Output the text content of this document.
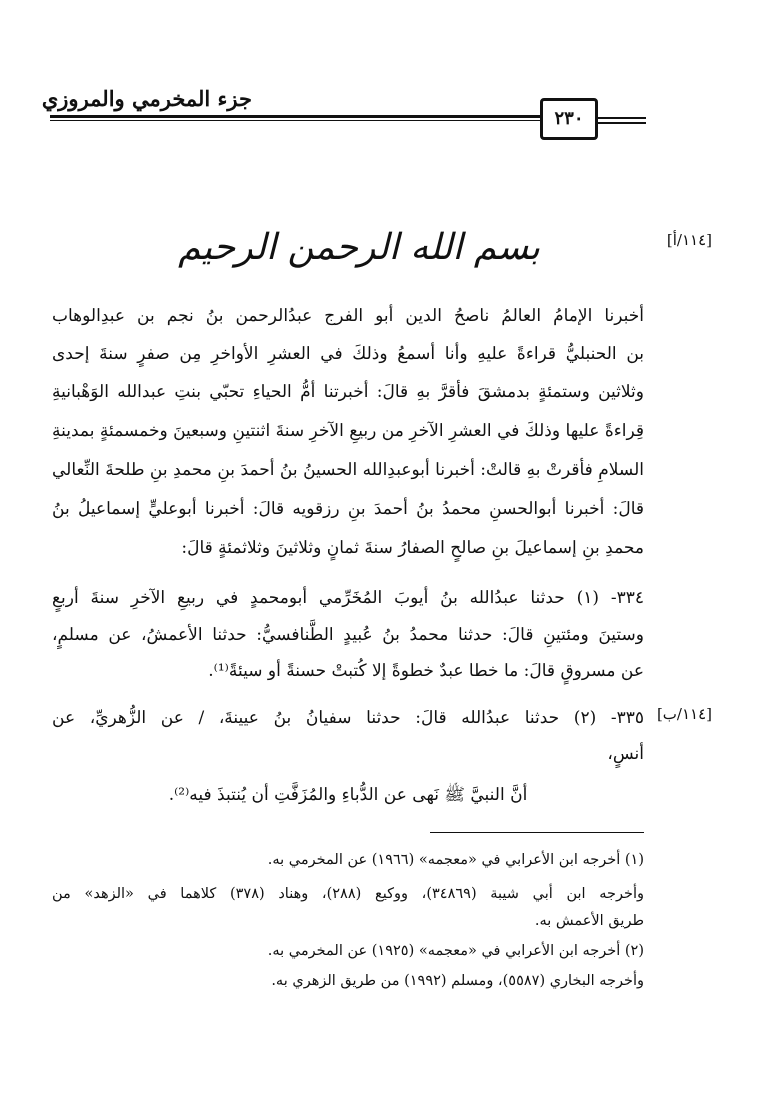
جزء المخرمي والمروزي
٢٣٠
[١١٤/أ]
[١١٤/ب]
بسم الله الرحمن الرحيم
أخبرنا الإمامُ العالمُ ناصحُ الدين أبو الفرج عبدُالرحمن بنُ نجم بن عبدِالوهاب
بن الحنبليُّ قراءةً عليهِ وأنا أسمعُ وذلكَ في العشرِ الأواخرِ مِن صفرٍ سنةَ إحدى
وثلاثين وستمئةٍ بدمشقَ فأقرَّ بهِ قالَ: أخبرتنا أمُّ الحياءِ تحبّي بنتِ عبدالله الوَهْبانيةِ
قِراءةً عليها وذلكَ في العشرِ الآخرِ من ربيعِ الآخرِ سنةَ اثنتينِ وسبعينَ وخمسمئةٍ بمدينةِ
السلامِ فأقرتْ بهِ قالتْ: أخبرنا أبوعبدِالله الحسينُ بنُ أحمدَ بنِ محمدِ بنِ طلحةَ النِّعالي
قالَ: أخبرنا أبوالحسنِ محمدُ بنُ أحمدَ بنِ رزقويه قالَ: أخبرنا أبوعليٍّ إسماعيلُ بنُ
محمدِ بنِ إسماعيلَ بنِ صالحٍ الصفارُ سنةَ ثمانٍ وثلاثينَ وثلاثمئةٍ قالَ:
٣٣٤- (١) حدثنا عبدُالله بنُ أيوبَ المُخَرِّمي أبومحمدٍ في ربيعِ الآخرِ سنةَ أربعٍ
وستينَ ومئتينِ قالَ: حدثنا محمدُ بنُ عُبيدٍ الطَّنافسيُّ: حدثنا الأعمشُ، عن مسلمٍ،
عن مسروقٍ قالَ: ما خطا عبدٌ خطوةً إلا كُتبتْ حسنةً أو سيئةً⁽¹⁾.
٣٣٥- (٢) حدثنا عبدُالله قالَ: حدثنا سفيانُ بنُ عيينةَ، / عن الزُّهريِّ، عن
أنسٍ،
أنَّ النبيَّ ﷺ نَهى عن الدُّباءِ والمُزَفَّتِ أن يُنتبذَ فيه⁽²⁾.
(١) أخرجه ابن الأعرابي في «معجمه» (١٩٦٦) عن المخرمي به.
وأخرجه ابن أبي شيبة (٣٤٨٦٩)، ووكيع (٢٨٨)، وهناد (٣٧٨) كلاهما في «الزهد» من
طريق الأعمش به.
(٢) أخرجه ابن الأعرابي في «معجمه» (١٩٢٥) عن المخرمي به.
وأخرجه البخاري (٥٥٨٧)، ومسلم (١٩٩٢) من طريق الزهري به.
